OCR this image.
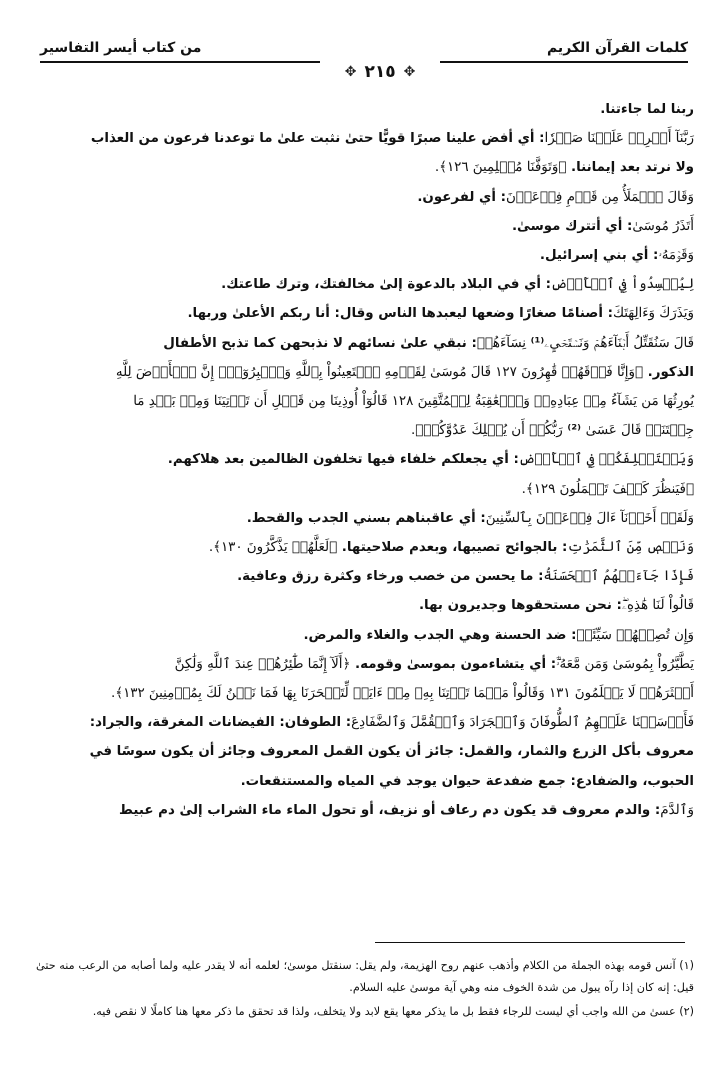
كلمات القرآن الكريم
من كتاب أيسر التفاسير
✥
٢١٥
✥

ربنا لما جاءتنا.

رَبَّنَآ أَفۡرِغۡ عَلَيۡنَا صَبۡرٗا: أي أفض علينا صبرًا قويًّا حتىٰ نثبت علىٰ ما توعدنا فرعون من العذاب

ولا نرتد بعد إيماننا. ﴿وَتَوَفَّنَا مُسۡلِمِينَ ١٢٦﴾.

وَقَالَ ٱلۡمَلَأُ مِن قَوۡمِ فِرۡعَوۡنَ: أي لفرعون.

أَتَذَرُ مُوسَىٰ: أي أتترك موسىٰ.

وَقَوۡمَهُۥ: أي بني إسرائيل.

لِيُفۡسِدُواْ فِي ٱلۡأَرۡضِ: أي في البلاد بالدعوة إلىٰ مخالفتك، وترك طاعتك.

وَيَذَرَكَ وَءَالِهَتَكَ: أصنامًا صغارًا وضعها ليعبدها الناس وقال: أنا ربكم الأعلىٰ وربها.

قَالَ سَنُقَتِّلُ أَبۡنَآءَهُمۡ وَنَسۡتَحۡيِۦ⁽¹⁾ نِسَآءَهُمۡ: نبقي علىٰ نسائهم لا نذبحهن كما تذبح الأطفال

الذكور. ﴿وَإِنَّا فَوۡقَهُمۡ قَٰهِرُونَ ١٢٧ قَالَ مُوسَىٰ لِقَوۡمِهِ ٱسۡتَعِينُواْ بِٱللَّهِ وَٱصۡبِرُوٓاْۖ إِنَّ ٱلۡأَرۡضَ لِلَّهِ

يُورِثُهَا مَن يَشَآءُ مِنۡ عِبَادِهِۦۖ وَٱلۡعَٰقِبَةُ لِلۡمُتَّقِينَ ١٢٨ قَالُوٓاْ أُوذِينَا مِن قَبۡلِ أَن تَأۡتِيَنَا وَمِنۢ بَعۡدِ مَا

جِئۡتَنَاۚ قَالَ عَسَىٰ ⁽²⁾ رَبُّكُمۡ أَن يُهۡلِكَ عَدُوَّكُمۡ﴾.

وَيَسۡتَخۡلِفَكُمۡ فِي ٱلۡأَرۡضِ: أي يجعلكم خلفاء فيها تخلفون الظالمين بعد هلاكهم.

﴿فَيَنظُرَ كَيۡفَ تَعۡمَلُونَ ١٢٩﴾.

وَلَقَدۡ أَخَذۡنَآ ءَالَ فِرۡعَوۡنَ بِٱلسِّنِينَ: أي عاقبناهم بسني الجدب والقحط.

وَنَقۡصٖ مِّنَ ٱلثَّمَرَٰتِ: بالجوائح تصيبها، وبعدم صلاحيتها. ﴿لَعَلَّهُمۡ يَذَّكَّرُونَ ١٣٠﴾.

فَإِذَا جَآءَتۡهُمُ ٱلۡحَسَنَةُ: ما يحسن من خصب ورخاء وكثرة رزق وعافية.

قَالُواْ لَنَا هَٰذِهِۦۖ: نحن مستحقوها وجديرون بها.

وَإِن تُصِبۡهُمۡ سَيِّئَةٞ: ضد الحسنة وهي الجدب والغلاء والمرض.

يَطَّيَّرُواْ بِمُوسَىٰ وَمَن مَّعَهُۥٓۗ: أي يتشاءمون بموسىٰ وقومه. ﴿أَلَآ إِنَّمَا طَٰٓئِرُهُمۡ عِندَ ٱللَّهِ وَلَٰكِنَّ

أَكۡثَرَهُمۡ لَا يَعۡلَمُونَ ١٣١ وَقَالُواْ مَهۡمَا تَأۡتِنَا بِهِۦ مِنۡ ءَايَةٖ لِّتَسۡحَرَنَا بِهَا فَمَا نَحۡنُ لَكَ بِمُؤۡمِنِينَ ١٣٢﴾.

فَأَرۡسَلۡنَا عَلَيۡهِمُ ٱلطُّوفَانَ وَٱلۡجَرَادَ وَٱلۡقُمَّلَ وَٱلضَّفَادِعَ: الطوفان: الفيضانات المغرقة، والجراد:

معروف بأكل الزرع والثمار، والقمل: جائز أن يكون القمل المعروف وجائز أن يكون سوسًا في

الحبوب، والضفادع: جمع ضفدعة حيوان يوجد في المياه والمستنقعات.

وَٱلدَّمَ: والدم معروف قد يكون دم رعاف أو نزيف، أو تحول الماء ماء الشراب إلىٰ دم عبيط

(١) آنس قومه بهذه الجملة من الكلام وأذهب عنهم روح الهزيمة، ولم يقل: سنقتل موسىٰ؛ لعلمه أنه لا يقدر عليه ولما أصابه من الرعب منه حتىٰ قيل: إنه كان إذا رآه يبول من شدة الخوف منه وهي آية موسىٰ عليه السلام.

(٢) عسىٰ من الله واجب أي ليست للرجاء فقط بل ما يذكر معها يقع لابد ولا يتخلف، ولذا قد تحقق ما ذكر معها هنا كاملًا لا نقص فيه.
